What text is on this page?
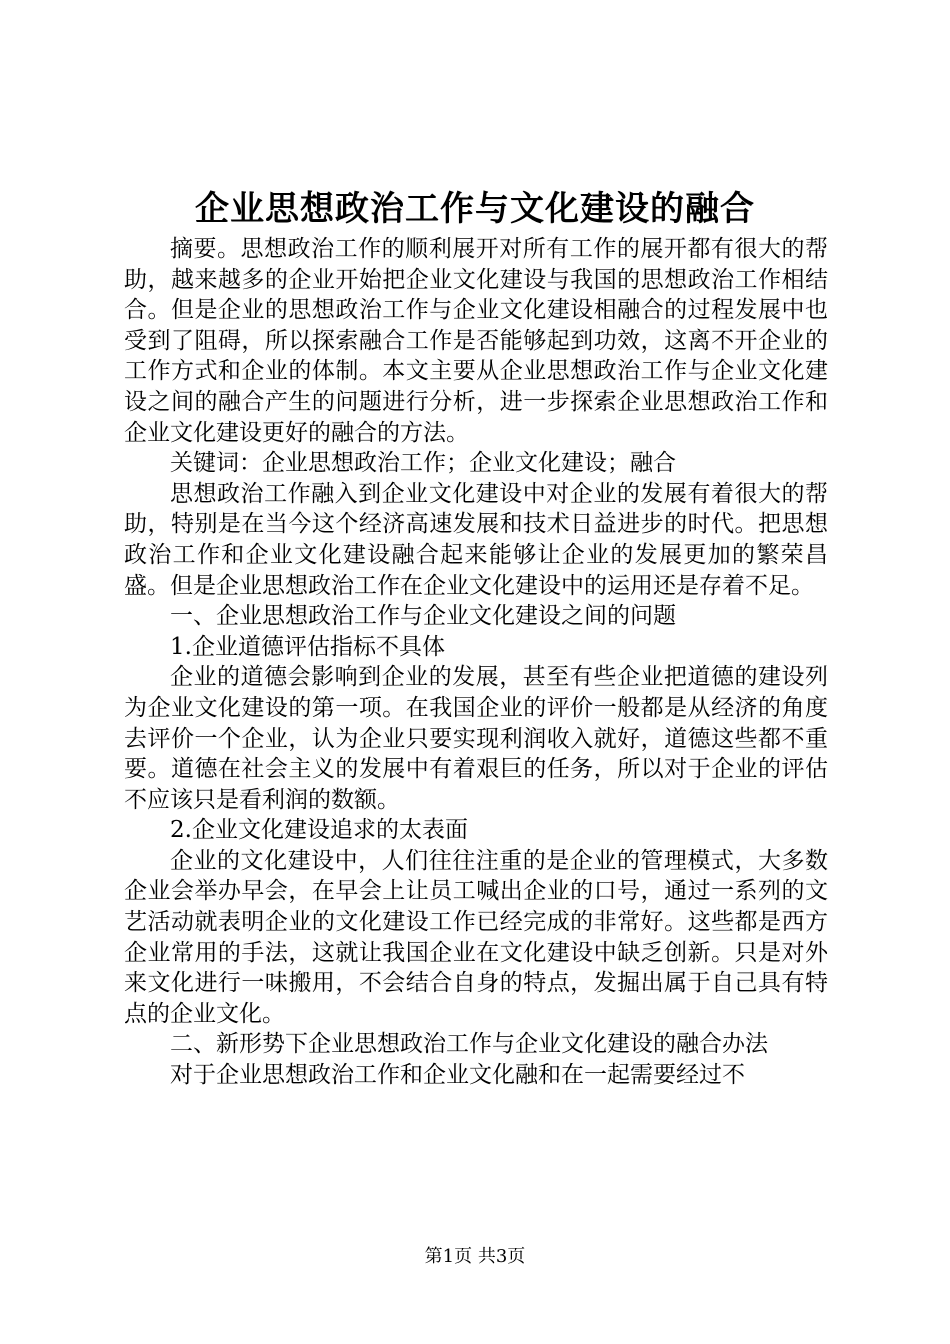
企业思想政治工作与文化建设的融合

摘要。思想政治工作的顺利展开对所有工作的展开都有很大的帮助，越来越多的企业开始把企业文化建设与我国的思想政治工作相结合。但是企业的思想政治工作与企业文化建设相融合的过程发展中也受到了阻碍，所以探索融合工作是否能够起到功效，这离不开企业的工作方式和企业的体制。本文主要从企业思想政治工作与企业文化建设之间的融合产生的问题进行分析，进一步探索企业思想政治工作和企业文化建设更好的融合的方法。

关键词：企业思想政治工作；企业文化建设；融合

思想政治工作融入到企业文化建设中对企业的发展有着很大的帮助，特别是在当今这个经济高速发展和技术日益进步的时代。把思想政治工作和企业文化建设融合起来能够让企业的发展更加的繁荣昌盛。但是企业思想政治工作在企业文化建设中的运用还是存着不足。

一、企业思想政治工作与企业文化建设之间的问题

1.企业道德评估指标不具体

企业的道德会影响到企业的发展，甚至有些企业把道德的建设列为企业文化建设的第一项。在我国企业的评价一般都是从经济的角度去评价一个企业，认为企业只要实现利润收入就好，道德这些都不重要。道德在社会主义的发展中有着艰巨的任务，所以对于企业的评估不应该只是看利润的数额。

2.企业文化建设追求的太表面

企业的文化建设中，人们往往注重的是企业的管理模式，大多数企业会举办早会，在早会上让员工喊出企业的口号，通过一系列的文艺活动就表明企业的文化建设工作已经完成的非常好。这些都是西方企业常用的手法，这就让我国企业在文化建设中缺乏创新。只是对外来文化进行一味搬用，不会结合自身的特点，发掘出属于自己具有特点的企业文化。

二、新形势下企业思想政治工作与企业文化建设的融合办法

对于企业思想政治工作和企业文化融和在一起需要经过不

第1页 共3页
